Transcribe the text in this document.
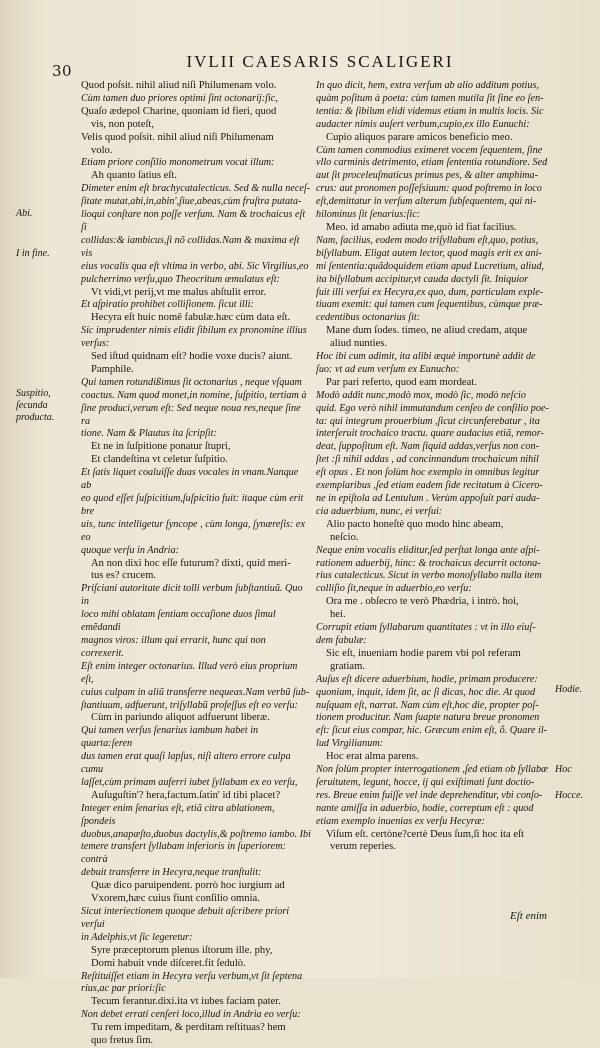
30	IVLII CAESARIS SCALIGERI
Abi.
I in fine.
Suspitio,
ſecunda
producta.
Hodie.
Hoc
Hocce.

Quod poſsit. nihil aliud niſi Philumenam volo.

Cùm tamen duo priores optimi ſint octonarij:ſic,

Quaſo ædepol Charine, quoniam id fieri, quod

vis, non poteſt,

Velis quod poſsit. nihil aliud niſi Philumenam

volo.

Etiam priore conſilio monometrum vocat illum:

Ah quanto ſatius eſt.

Dimeter enim eſt brachycatalecticus. Sed & nulla neceſ-

ſitate mutat,abi,in,abin',ſiue,abeas,cùm fruſtra putata-

lioqui conſtare non poſſe verſum. Nam & trochaicus eſt ſi

collidas:& iambicus,ſi nõ collidas.Nam & maxima eſt vis

eius vocalis qua eſt vltima in verbo, abi. Sic Virgilius,eo

pulcherrimo verſu,quo Theocritum æmulatus eſt:

Vt vidi,vt perij,vt me malus abſtulit error.

Et aſpiratio prohibet colliſionem. ſicut illi:

Hecyra eſt huic nomê fabulæ.hæc cùm data eſt.

Sic imprudenter nimis elidit ſibilum ex pronomine illius

verſus:

Sed iſtud quidnam eſt? hodie voxe ducis? aiunt.

Pamphile.

Qui tamen rotundißimus ſit octonarius , neque vſquam

coactus. Nam quod monet,in nomine, ſuſpitio, tertiam à

ſine produci,verum eſt: Sed neque noua res,neque ſine ra

tione. Nam & Plautus ita ſcripſit:

Et ne in ſuſpitione ponatur ſtupri,

Et clandeſtina vt celetur ſuſpitio.

Et ſatis liquet coaluiſſe duas vocales in vnam.Nanque ab

eo quod eſſet ſuſpicitium,ſuſpicitio fuit: itaque cùm erit bre

uis, tunc intelligetur ſyncope , cùm longa, ſynæreſis: ex eo

quoque verſu in Andria:

An non dixi hoc eſſe futurum? dixti, quid meri-

tus es? crucem.

Priſciani autoritate dicit tolli verbum ſubſtantiuũ. Quo in

loco mihi oblatam ſentiam occaſione duos ſimul emẽdandi

magnos viros: illum qui errarit, hunc qui non correxerit.

Eſt enim integer octonarius. Illud verò eius proprium eſt,

cuius culpam in aliũ transferre nequeas.Nam verbũ ſub-

ſtantiuum, adfuerunt, triſyllabũ profeſſus eſt eo verſu:

Cùm in pariundo aliquot adfuerunt liberæ.

Qui tamen verſus ſenarius iambum habet in quarta:ſeren

dus tamen erat quaſi lapſus, niſi altero errore culpa cumu

laſſet,cùm primam auferri iubet ſyllabam ex eo verſu,

Auſuguſtin'? hera,factum.ſatin' id tibi placet?

Integer enim ſenarius eſt, etiã citra ablationem, ſpondeis

duobus,anapæſto,duobus dactylis,& poſtremo iambo. Ibi

temere transfert ſyllabam inferioris in ſuperiorem: contrà

debuit transferre in Hecyra,neque tranſtulit:

Quæ dico paruipendent. porrò hoc iurgium ad

Vxorem,hæc cuius fiunt conſilio omnia.

Sicut interiectionem quoque debuit aſcribere priori verſui

in Adelphis,vt ſic legeretur:

Syre præceptorum plenus iſtorum ille. phy,

Domi habuit vnde diſceret.fit ſedulò.

Reſtituiſſet etiam in Hecyra verſu verbum,vt ſit ſeptena

rius,ac par priori:ſic

Tecum ferantur.dixi.ita vt iubes faciam pater.

Non debet errati cenſeri loco,illud in Andria eo verſu:

Tu rem impeditam, & perditam reſtituas? hem

quo fretus ſim.

In quo dicit, hem, extra verſum ab alio additum potius,

quàm poſitum à poeta: cùm tamen mutila ſit ſine eo ſen-

tentia: & ſibilum elidi videmus etiam in multis locis. Sic

audacter nimis auſert verbum,cupio,ex illo Eunuchi:

Cupio aliquos parare amicos beneficio meo.

Cùm tamen commodius eximeret vocem ſequentem, ſine

vllo carminis detrimento, etiam ſententia rotundiore. Sed

aut ſit proceleuſmaticus primus pes, & alter amphima-

crus: aut pronomen poſſeſsiuum: quod poſtremo in loco

eſt,demittatur in verſum alterum ſubſequentem, qui ni-

hilominus ſit ſenarius:ſic:

Meo. id amabo adiuta me,quò id fiat facilius.

Nam, facilius, eodem modo triſyllabum eſt,quo, potius,

biſyllabum. Eligat autem lector, quod magis erit ex ani-

mi ſententia:quãdoquidem etiam apud Lucretium, aliud,

ita biſyllabum accipitur,vt cauda dactyli ſit. Iniquior

fuit illi verſui ex Hecyra,ex quo, dum, particulam exple-

tiuam exemit: qui tamen cum ſequentibus, cùmque præ-

cedentibus octonarius ſit:

Mane dum ſodes. timeo, ne aliud credam, atque

aliud nunties.

Hoc ibi cum adimit, ita alibi æquè importunè addit de

ſuo: vt ad eum verſum ex Eunucho:

Par pari referto, quod eam mordeat.

Modò addit nunc,modò mox, modò ſic, modò neſcio

quid. Ego verò nihil immutandum cenſeo de conſilio poe-

ta: qui integrum prouerbium ,ſicut circunferebatur , ita

interſeruit trochaico tractu. quare audacius etiã, remor-

deat, ſuppoſitum eſt. Nam ſiquid addas,verſus non con-

ſtet :ſi nihil addas , ad concinnandum trochaicum nihil

eſt opus . Et non ſolùm hoc exemplo in omnibus legitur

exemplaribus ,ſed etiam eadem ſide recitatum à Cicero-

ne in epiſtola ad Lentulum . Verùm appoſuit pari auda-

cia aduerbium, nunc, ei verſui:

Alio pacto honeſtè quo modo hinc abeam,

neſcio.

Neque enim vocalis eliditur,ſed perſtat longa ante aſpi-

rationem aduerbij, hinc: & trochaicus decurrit octona-

rius catalecticus. Sicut in verbo monoſyllabo nulla item

colliſio ſit,neque in aduerbio,eo verſu:

Ora me . obſecro te verò Phædria, i intrò. hoi,

hei.

Corrupit etiam ſyllabarum quantitates : vt in illo eiuſ-

dem fabulæ:

Sic eſt, inueniam hodie parem vbi pol referam

gratiam.

Auſus eſt dicere aduerbium, hodie, primam producere:

quoniam, inquit, idem ſit, ac ſi dicas, hoc die. At quod

nuſquam eſt, narrat. Nam cùm eſt,hoc die, propter poſ-

tionem producitur. Nam ſuapte natura breue pronomen

eſt: ſicut eius compar, hic. Græcum enim eſt, ὅ. Quare il-

lud Virgilianum:

Hoc erat alma parens.

Non ſolùm propter interrogationem ,ſed etiam ob ſyllabæ

ſeruitutem, legunt, hocce, ij qui exiſtimati ſunt doctio-

res. Breue enim fuiſſe vel inde deprehenditur, vbi conſo-

nante amiſſa in aduerbio, hodie, correptum eſt : quod

etiam exemplo inuenias ex verſu Hecyræ:

Viſum eſt. certòne?certè Deus ſum,ſi hoc ita eſt

verum reperies.

Eſt enim
